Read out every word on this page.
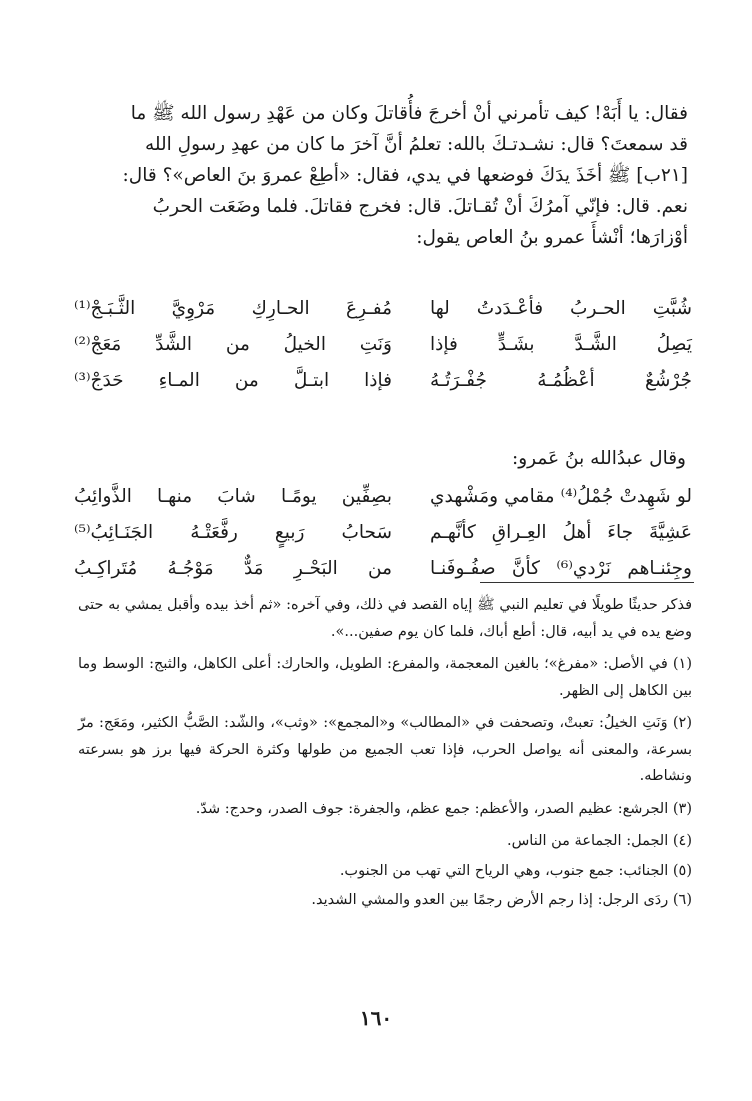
فقال: يا أَبَهْ! كيف تأمرني أنْ أخرجَ فأُقاتلَ وكان من عَهْدِ رسول الله ﷺ ما

قد سمعتَ؟ قال: نشـدتـكَ بالله: تعلمُ أنَّ آخرَ ما كان من عهدِ رسولِ الله

[٢١ب] ﷺ أخَذَ يدَكَ فوضعها في يدي، فقال: «أطِعْ عمروَ بنَ العاص»؟ قال:

نعم. قال: فإنّي آمرُكَ أنْ تُقـاتلَ. قال: فخرج فقاتلَ. فلما وضَعَت الحربُ

أوْزارَها؛ أنْشأَ عمرو بنُ العاص يقول:

شُبَّتِ الحـربُ فأعْـدَدتُ لها
مُفـرِعَ الحـارِكِ مَرْوِيَّ الثَّـبَـجْ⁽¹⁾
يَصِلُ الشَّـدَّ بشَـدٍّ فإذا
وَنَتِ الخيلُ من الشَّدِّ مَعَجْ⁽²⁾
جُرْشُعٌ أعْظُمُـهُ جُفْـرَتُـهُ
فإذا ابتـلَّ من المـاءِ حَدَجْ⁽³⁾
وقال عبدُالله بنُ عَمرو:
لو شَهِدتْ جُمْلُ⁽⁴⁾ مقامي ومَشْهدي
بصِفِّين يومًـا شابَ منهـا الذَّوائِبُ
عَشِيَّةَ جاءَ أهلُ العِـراقِ كأنَّهـم
سَحابُ رَبيعٍ رفَّعَتْـهُ الجَنَـائِبُ⁽⁵⁾
وجِئنـاهم نَرْدي⁽⁶⁾ كأنَّ صفُـوفَنـا
من البَحْـرِ مَدٌّ مَوْجُـهُ مُتَراكِـبُ

فذكر حديثًا طويلًا في تعليم النبي ﷺ إياه القصد في ذلك، وفي آخره: «ثم أخذ بيده وأقبل يمشي به حتى وضع يده في يد أبيه، قال: أطع أباك، فلما كان يوم صفين...».

(١) في الأصل: «مفرغ»؛ بالغين المعجمة، والمفرع: الطويل، والحارك: أعلى الكاهل، والثبج: الوسط وما بين الكاهل إلى الظهر.

(٢) وَنَتِ الخيلُ: تعبتْ، وتصحفت في «المطالب» و«المجمع»: «وثب»، والشّد: الصَّبُّ الكثير، ومَعَج: مرّ بسرعة، والمعنى أنه يواصل الحرب، فإذا تعب الجميع من طولها وكثرة الحركة فيها برز هو بسرعته ونشاطه.

(٣) الجرشع: عظيم الصدر، والأعظم: جمع عظم، والجفرة: جوف الصدر، وحدج: شدّ.

(٤) الجمل: الجماعة من الناس.

(٥) الجنائب: جمع جنوب، وهي الرياح التي تهب من الجنوب.

(٦) ردَى الرجل: إذا رجم الأرض رجمًا بين العدو والمشي الشديد.

١٦٠
